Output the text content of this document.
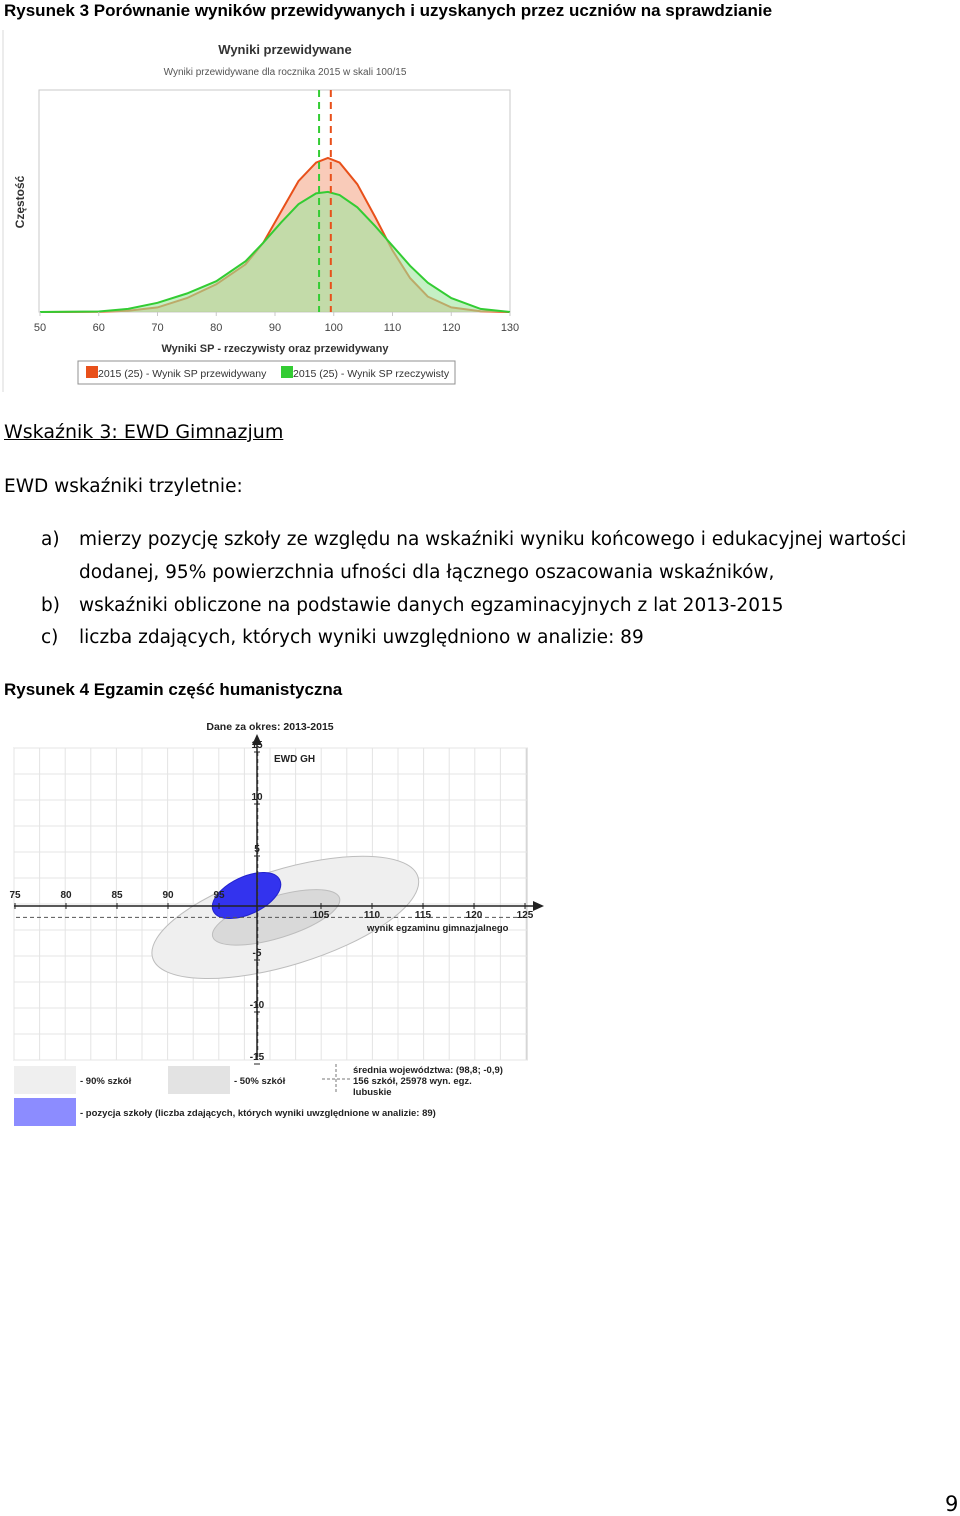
Rysunek 3 Porównanie wyników przewidywanych i uzyskanych przez uczniów na sprawdzianie
Wyniki przewidywane
Wyniki przewidywane dla rocznika 2015 w skali 100/15
Częstość
50	60	70	80	90	100	110	120	130
Wyniki SP - rzeczywisty oraz przewidywany
2015 (25) - Wynik SP przewidywany	2015 (25) - Wynik SP rzeczywisty
Wskaźnik 3: EWD Gimnazjum
EWD wskaźniki trzyletnie:
a) mierzy pozycję szkoły ze względu na wskaźniki wyniku końcowego i edukacyjnej wartości
dodanej, 95% powierzchnia ufności dla łącznego oszacowania wskaźników,
b) wskaźniki obliczone na podstawie danych egzaminacyjnych z lat 2013-2015
c) liczba zdających, których wyniki uwzględniono w analizie: 89
Rysunek 4 Egzamin część humanistyczna
Dane za okres: 2013-2015
75	80	85	90	95
105	110	115	120	125
15
10
5
-5
-10
-15
EWD GH
wynik egzaminu gimnazjalnego
- 90% szkół	- 50% szkół
średnia województwa: (98,8; -0,9)
156 szkół, 25978 wyn. egz.
lubuskie
- pozycja szkoły (liczba zdających, których wyniki uwzględnione w analizie: 89)
9
